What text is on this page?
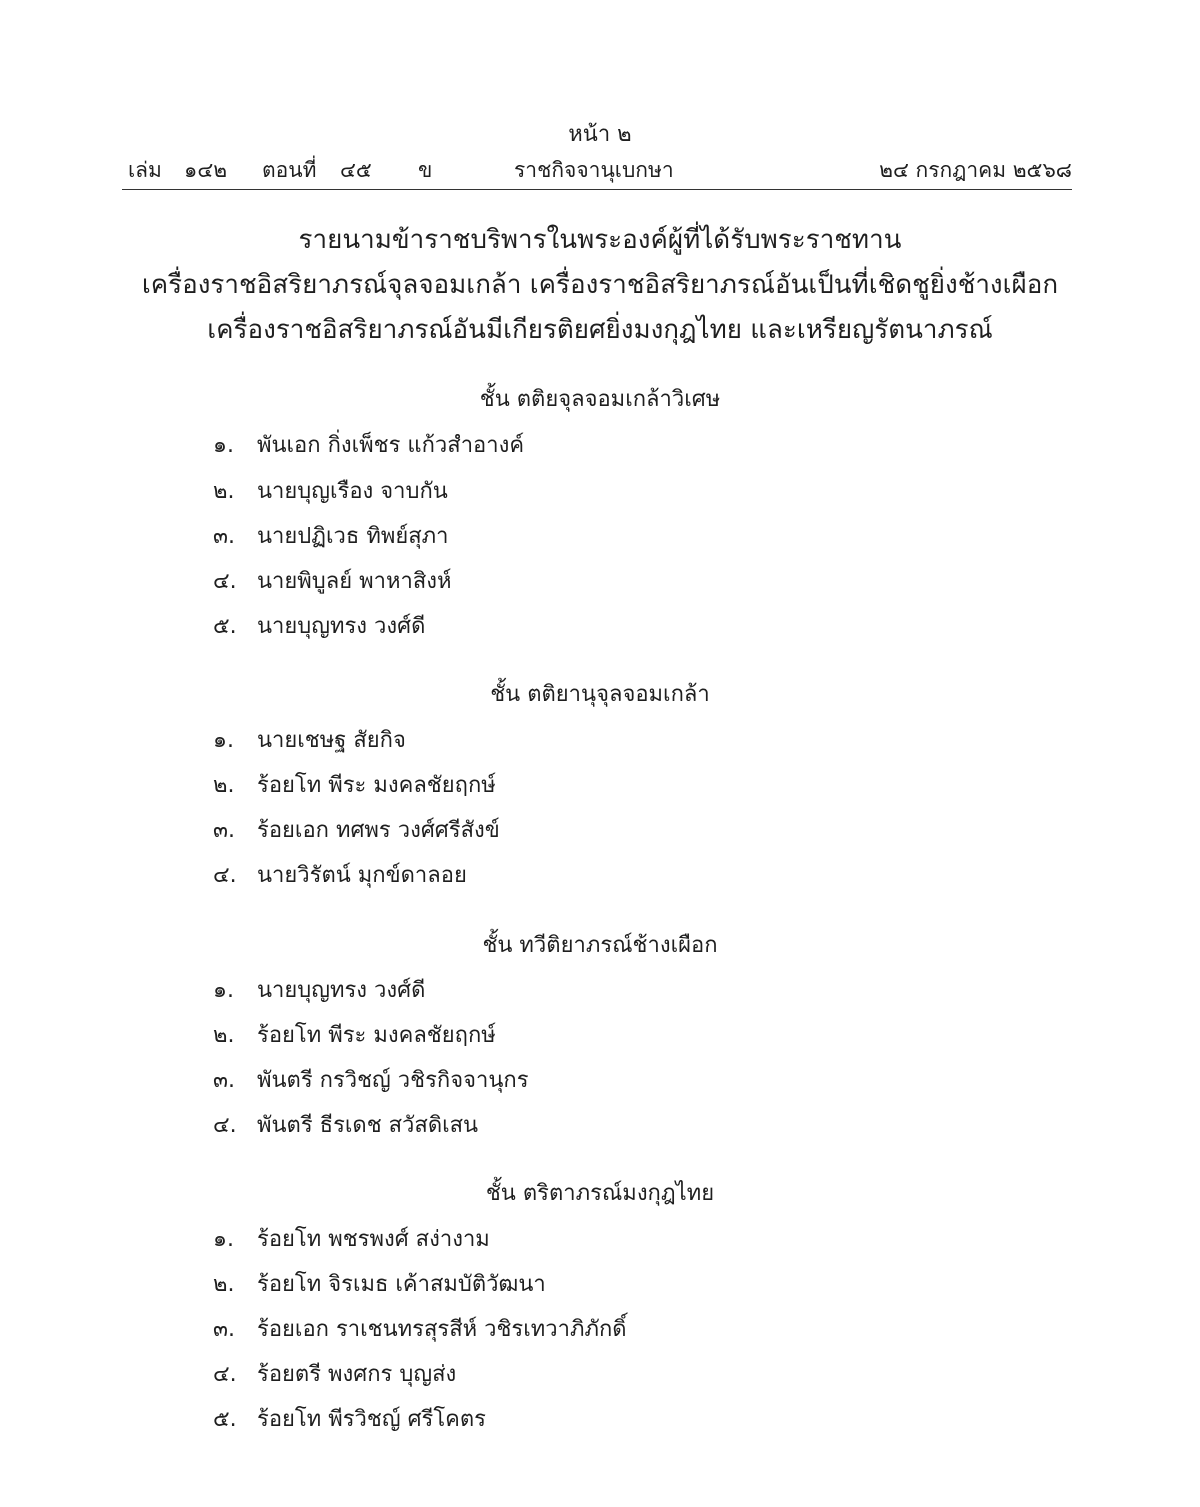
หน้า ๒
เล่ม ๑๔๒ ตอนที่ ๔๕ ข	ราชกิจจานุเบกษา	๒๔ กรกฎาคม ๒๕๖๘
รายนามข้าราชบริพารในพระองค์ผู้ที่ได้รับพระราชทาน
เครื่องราชอิสริยาภรณ์จุลจอมเกล้า เครื่องราชอิสริยาภรณ์อันเป็นที่เชิดชูยิ่งช้างเผือก
เครื่องราชอิสริยาภรณ์อันมีเกียรติยศยิ่งมงกุฎไทย และเหรียญรัตนาภรณ์
ชั้น ตติยจุลจอมเกล้าวิเศษ
๑. พันเอก กิ่งเพ็ชร แก้วสำอางค์
๒. นายบุญเรือง จาบกัน
๓. นายปฏิเวธ ทิพย์สุภา
๔. นายพิบูลย์ พาหาสิงห์
๕. นายบุญทรง วงศ์ดี
ชั้น ตติยานุจุลจอมเกล้า
๑. นายเชษฐ สัยกิจ
๒. ร้อยโท พีระ มงคลชัยฤกษ์
๓. ร้อยเอก ทศพร วงศ์ศรีสังข์
๔. นายวิรัตน์ มุกข์ดาลอย
ชั้น ทวีติยาภรณ์ช้างเผือก
๑. นายบุญทรง วงศ์ดี
๒. ร้อยโท พีระ มงคลชัยฤกษ์
๓. พันตรี กรวิชญ์ วชิรกิจจานุกร
๔. พันตรี ธีรเดช สวัสดิเสน
ชั้น ตริตาภรณ์มงกุฎไทย
๑. ร้อยโท พชรพงศ์ สง่างาม
๒. ร้อยโท จิรเมธ เค้าสมบัติวัฒนา
๓. ร้อยเอก ราเชนทรสุรสีห์ วชิรเทวาภิภักดิ์
๔. ร้อยตรี พงศกร บุญส่ง
๕. ร้อยโท พีรวิชญ์ ศรีโคตร
